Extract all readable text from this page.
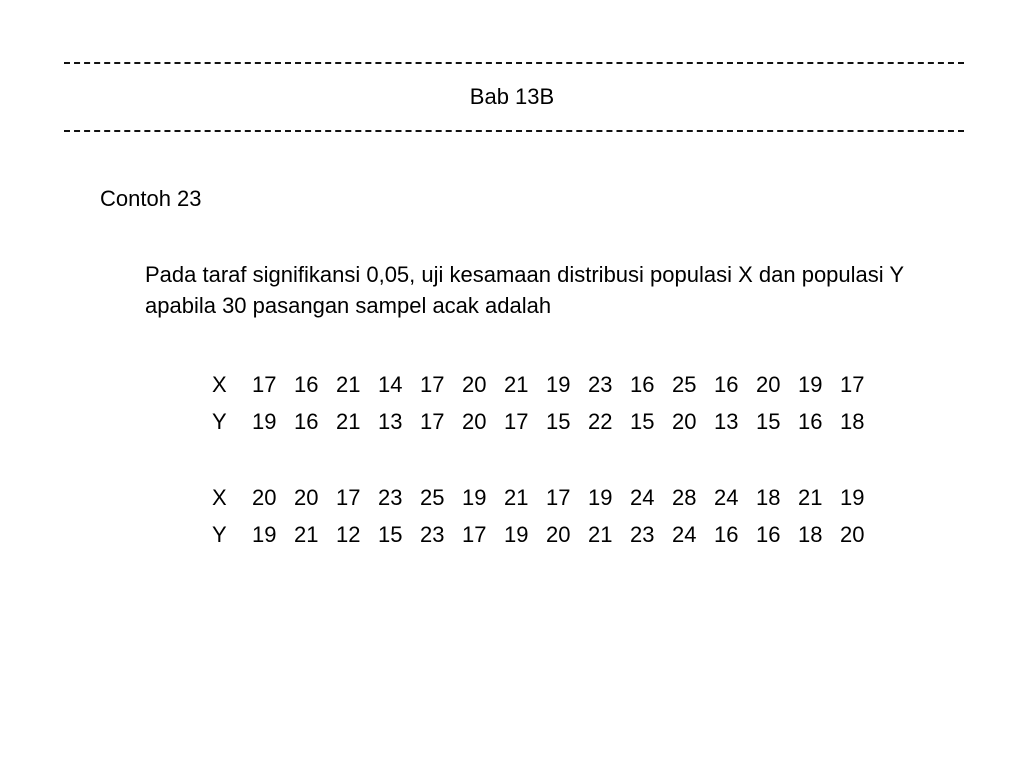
Bab 13B
Contoh 23
Pada taraf signifikansi 0,05, uji kesamaan distribusi populasi X dan populasi Y apabila 30 pasangan sampel acak adalah
X	17 16 21 14 17 20 21 19 23 16 25 16 20 19 17
Y	19 16 21 13 17 20 17 15 22 15 20 13 15 16 18
X	20 20 17 23 25 19 21 17 19 24 28 24 18 21 19
Y	19 21 12 15 23 17 19 20 21 23 24 16 16 18 20
